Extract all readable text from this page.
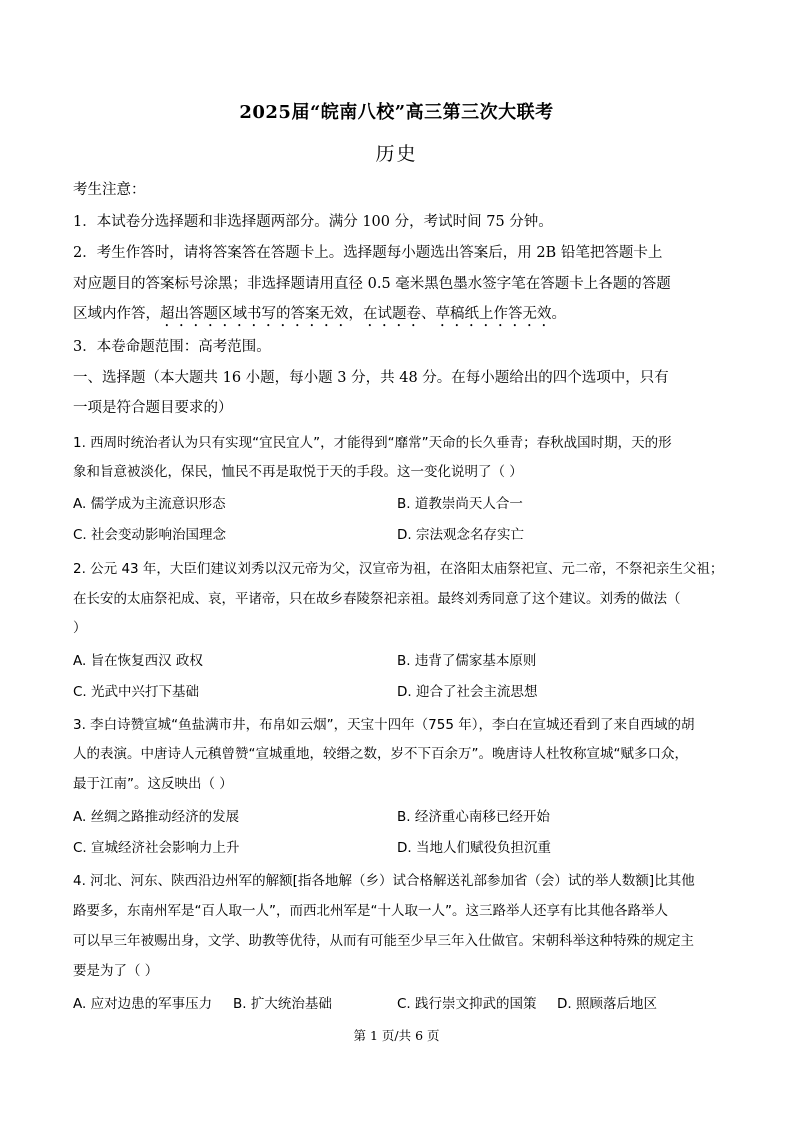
2025届“皖南八校”高三第三次大联考
历史
考生注意：
1．本试卷分选择题和非选择题两部分。满分 100 分，考试时间 75 分钟。
2．考生作答时，请将答案答在答题卡上。选择题每小题选出答案后，用 2B 铅笔把答题卡上
对应题目的答案标号涂黑；非选择题请用直径 0.5 毫米黑色墨水签字笔在答题卡上各题的答题
区域内作答，超出答题区域书写的答案无效，在试题卷、草稿纸上作答无效。
3．本卷命题范围：高考范围。
一、选择题（本大题共 16 小题，每小题 3 分，共 48 分。在每小题给出的四个选项中，只有
一项是符合题目要求的）
1. 西周时统治者认为只有实现“宜民宜人”，才能得到“靡常”天命的长久垂青；春秋战国时期，天的形
象和旨意被淡化，保民，恤民不再是取悦于天的手段。这一变化说明了（ ）
A. 儒学成为主流意识形态	B. 道教崇尚天人合一
C. 社会变动影响治国理念	D. 宗法观念名存实亡
2. 公元 43 年，大臣们建议刘秀以汉元帝为父，汉宣帝为祖，在洛阳太庙祭祀宣、元二帝，不祭祀亲生父祖；
在长安的太庙祭祀成、哀，平诸帝，只在故乡春陵祭祀亲祖。最终刘秀同意了这个建议。刘秀的做法（
）
A. 旨在恢复西汉 政权	B. 违背了儒家基本原则
C. 光武中兴打下基础	D. 迎合了社会主流思想
3. 李白诗赞宣城“鱼盐满市井，布帛如云烟”，天宝十四年（755 年），李白在宣城还看到了来自西域的胡
人的表演。中唐诗人元稹曾赞“宣城重地，较缗之数，岁不下百余万”。晚唐诗人杜牧称宣城“赋多口众，
最于江南”。这反映出（ ）
A. 丝绸之路推动经济的发展	B. 经济重心南移已经开始
C. 宣城经济社会影响力上升	D. 当地人们赋役负担沉重
4. 河北、河东、陕西沿边州军的解额[指各地解（乡）试合格解送礼部参加省（会）试的举人数额]比其他
路要多，东南州军是“百人取一人”，而西北州军是“十人取一人”。这三路举人还享有比其他各路举人
可以早三年被赐出身，文学、助教等优待，从而有可能至少早三年入仕做官。宋朝科举这种特殊的规定主
要是为了（ ）
A. 应对边患的军事压力 B. 扩大统治基础	C. 践行崇文抑武的国策 D. 照顾落后地区
第 1 页/共 6 页
